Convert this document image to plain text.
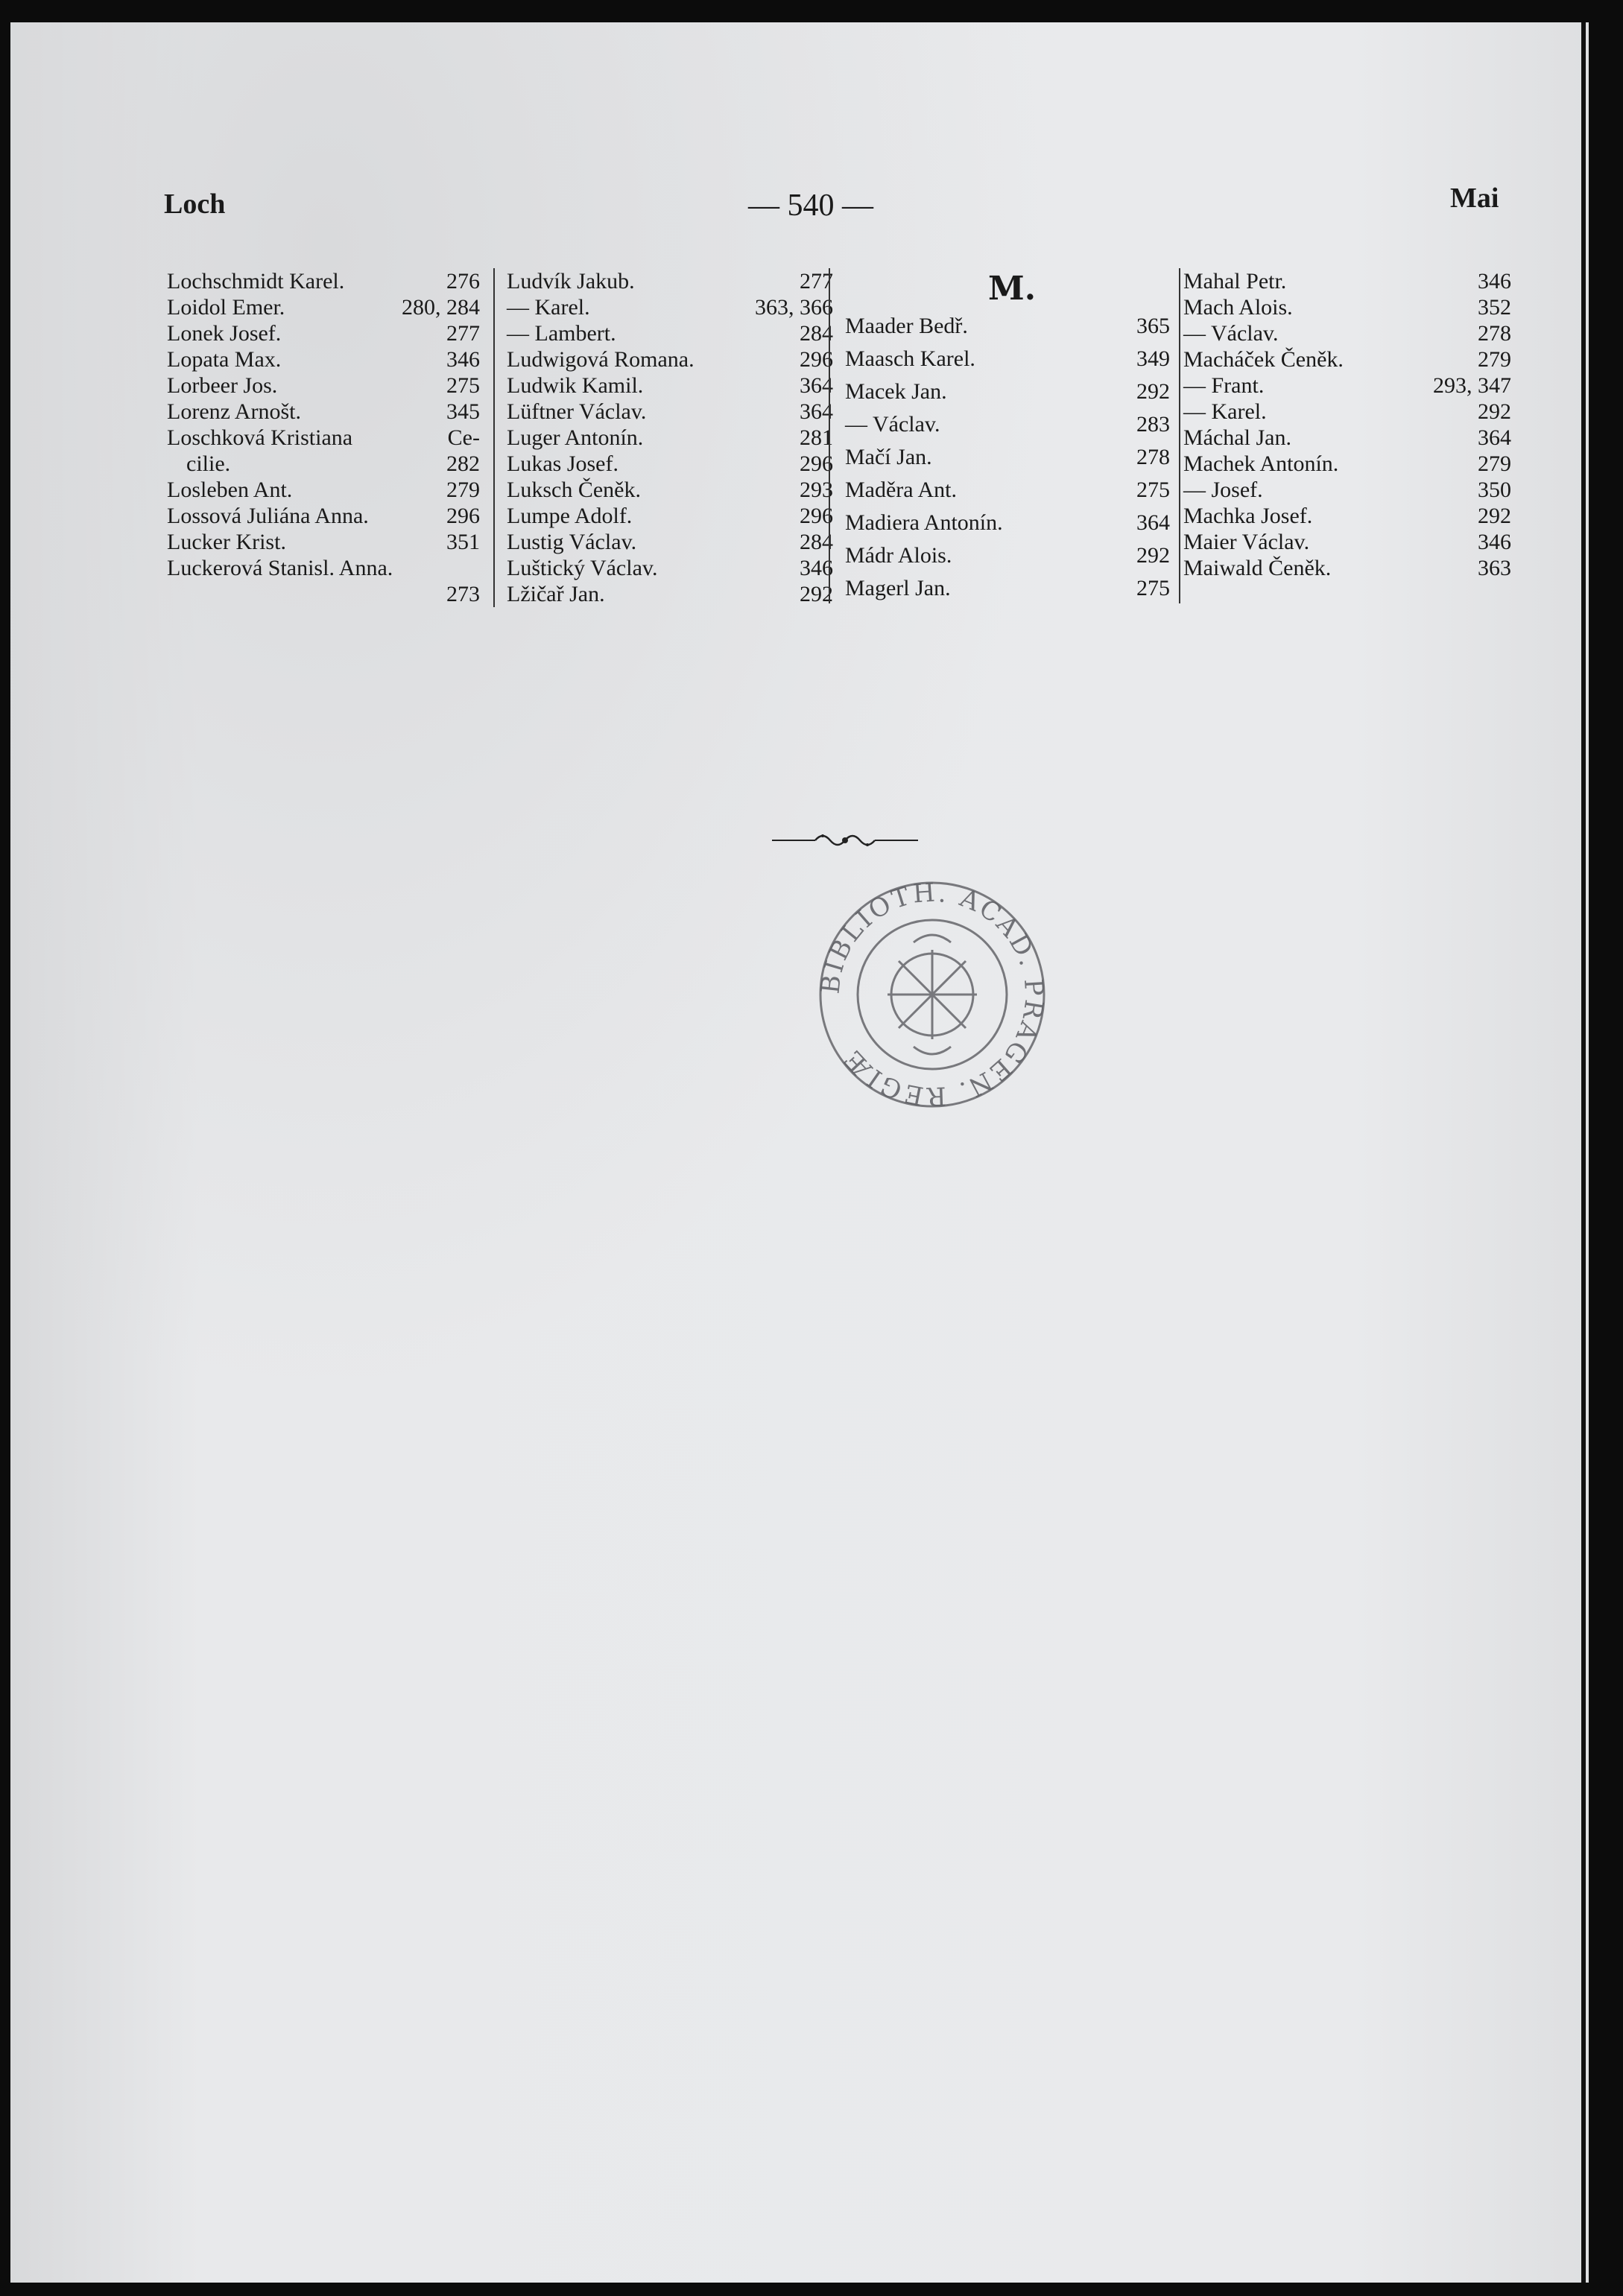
Loch	— 540 —	Mai
Lochschmidt Karel.	276
Loidol Emer.	280, 284
Lonek Josef.	277
Lopata Max.	346
Lorbeer Jos.	275
Lorenz Arnošt.	345
Loschková Kristiana	Ce-
cilie.	282
Losleben Ant.	279
Lossová Juliána Anna.	296
Lucker Krist.	351
Luckerová Stanisl. Anna.
273
Ludvík Jakub.	277
— Karel.	363, 366
— Lambert.	284
Ludwigová Romana.	296
Ludwik Kamil.	364
Lüftner Václav.	364
Luger Antonín.	281
Lukas Josef.	296
Luksch Čeněk.	293
Lumpe Adolf.	296
Lustig Václav.	284
Luštický Václav.	346
Lžičař Jan.	292
M.
Maader Bedř.	365
Maasch Karel.	349
Macek Jan.	292
— Václav.	283
Mačí Jan.	278
Maděra Ant.	275
Madiera Antonín.	364
Mádr Alois.	292
Magerl Jan.	275
Mahal Petr.	346
Mach Alois.	352
— Václav.	278
Macháček Čeněk.	279
— Frant.	293, 347
— Karel.	292
Máchal Jan.	364
Machek Antonín.	279
— Josef.	350
Machka Josef.	292
Maier Václav.	346
Maiwald Čeněk.	363
BIBLIOTH. ACAD. PRAGEN. REGIÆ
